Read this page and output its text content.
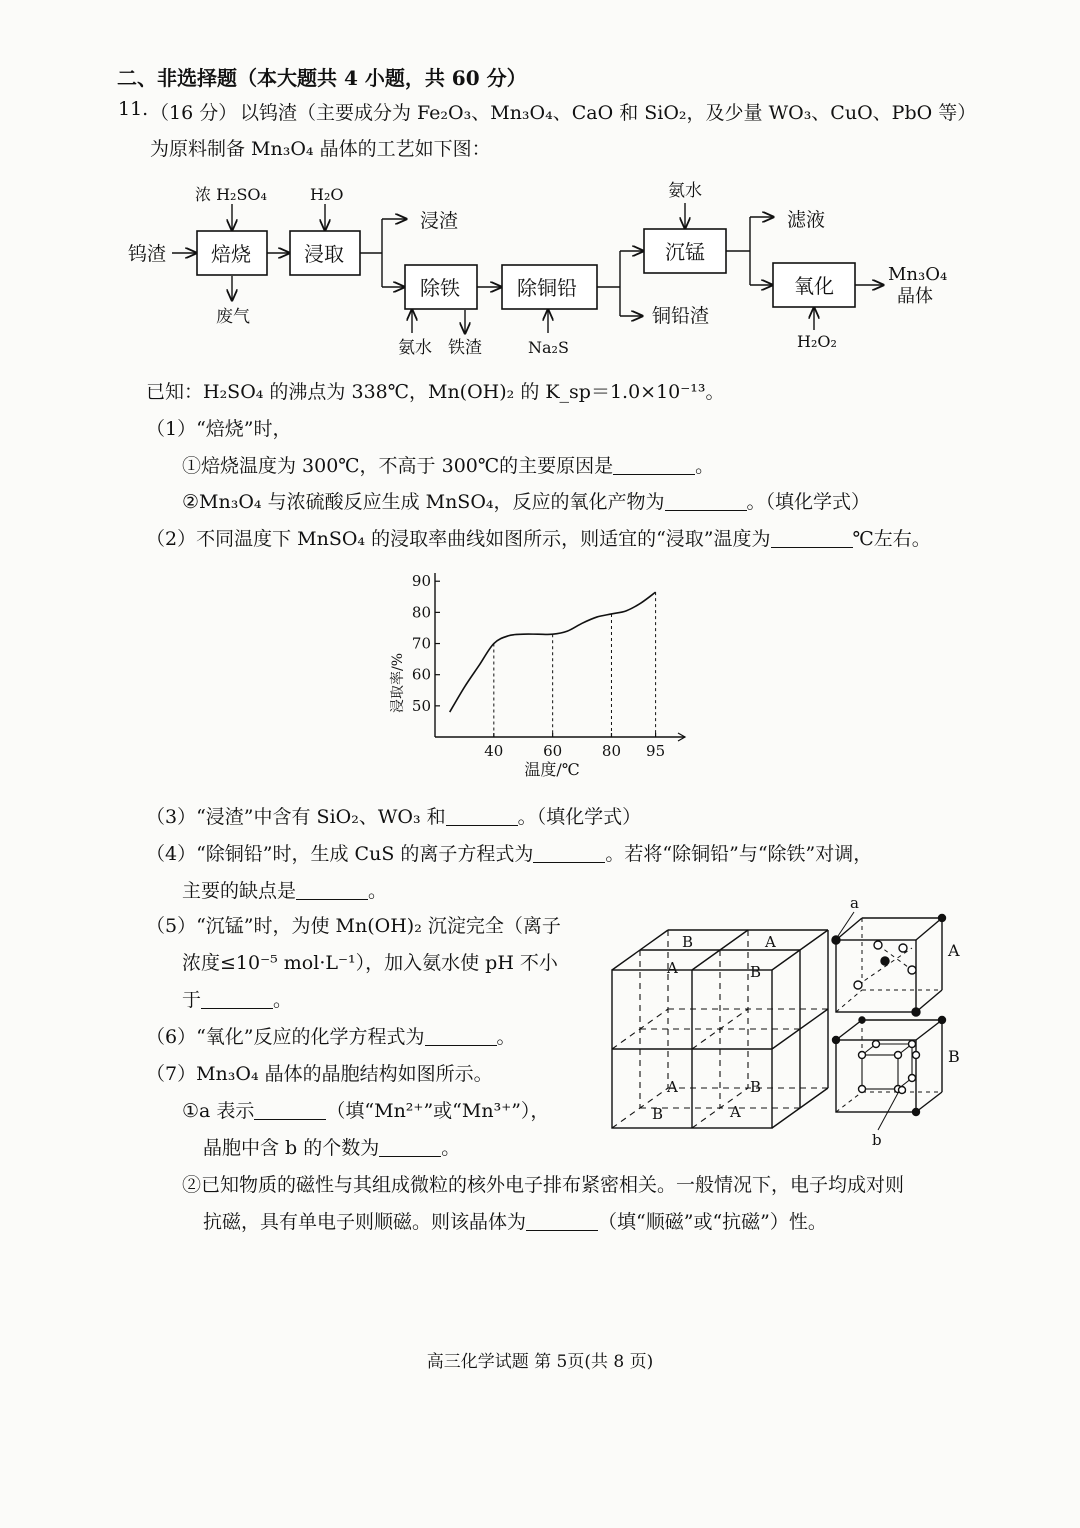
二、非选择题（本大题共 4 小题，共 60 分）
11. （16 分） 以钨渣（主要成分为 Fe₂O₃、Mn₃O₄、CaO 和 SiO₂，及少量 WO₃、CuO、PbO 等）
为原料制备 Mn₃O₄ 晶体的工艺如下图：
钨渣
浓 H₂SO₄	H₂O
废气
浸渣
氨水 铁渣	Na₂S
铜铅渣
氨水
滤液
H₂O₂
Mn₃O₄
晶体
焙烧	浸取
除铁	除铜铅
沉锰
氧化
已知：H₂SO₄ 的沸点为 338℃，Mn(OH)₂ 的 K_sp＝1.0×10⁻¹³。
（1）“焙烧”时，
①焙烧温度为 300℃，不高于 300℃的主要原因是	。
②Mn₃O₄ 与浓硫酸反应生成 MnSO₄，反应的氧化产物为	。（填化学式）
（2）不同温度下 MnSO₄ 的浸取率曲线如图所示，则适宜的“浸取”温度为	℃左右。
50
60
70
80
90
40	60	80 95
温度/℃
浸取率/%
（3）“浸渣”中含有 SiO₂、WO₃ 和	。（填化学式）
（4）“除铜铅”时，生成 CuS 的离子方程式为	。若将“除铜铅”与“除铁”对调，
主要的缺点是	。
（5）“沉锰”时，为使 Mn(OH)₂ 沉淀完全（离子
浓度≤10⁻⁵ mol·L⁻¹），加入氨水使 pH 不小
于	。
（6）“氧化”反应的化学方程式为	。
（7）Mn₃O₄ 晶体的晶胞结构如图所示。
①a 表示	（填“Mn²⁺”或“Mn³⁺”），
晶胞中含 b 的个数为	。
②已知物质的磁性与其组成微粒的核外电子排布紧密相关。一般情况下，电子均成对则
抗磁，具有单电子则顺磁。则该晶体为	（填“顺磁”或“抗磁”）性。
B	A
A	B
A	B
B	A
a
A
B
b
高三化学试题 第 5页(共 8 页)
